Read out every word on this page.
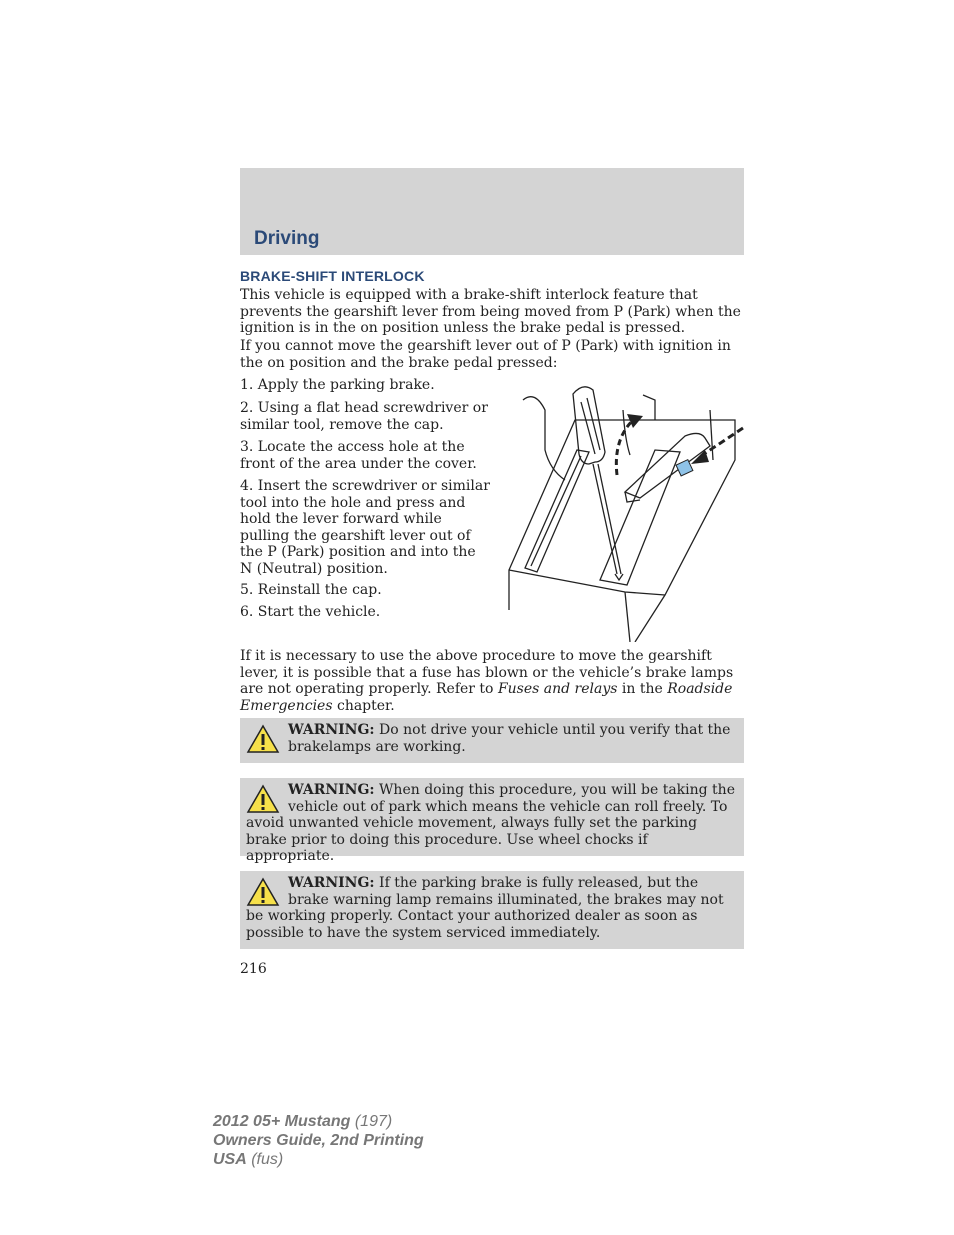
Driving
BRAKE-SHIFT INTERLOCK

This vehicle is equipped with a brake-shift interlock feature that prevents the gearshift lever from being moved from P (Park) when the ignition is in the on position unless the brake pedal is pressed.

If you cannot move the gearshift lever out of P (Park) with ignition in the on position and the brake pedal pressed:

1. Apply the parking brake.

2. Using a flat head screwdriver or similar tool, remove the cap.

3. Locate the access hole at the front of the area under the cover.

4. Insert the screwdriver or similar tool into the hole and press and hold the lever forward while pulling the gearshift lever out of the P (Park) position and into the N (Neutral) position.

5. Reinstall the cap.

6. Start the vehicle.

If it is necessary to use the above procedure to move the gearshift lever, it is possible that a fuse has blown or the vehicle’s brake lamps are not operating properly. Refer to Fuses and relays in the Roadside Emergencies chapter.

WARNING: Do not drive your vehicle until you verify that the brakelamps are working.

WARNING: When doing this procedure, you will be taking the vehicle out of park which means the vehicle can roll freely. To avoid unwanted vehicle movement, always fully set the parking brake prior to doing this procedure. Use wheel chocks if appropriate.

WARNING: If the parking brake is fully released, but the brake warning lamp remains illuminated, the brakes may not be working properly. Contact your authorized dealer as soon as possible to have the system serviced immediately.

216
2012 05+ Mustang (197)
Owners Guide, 2nd Printing
USA (fus)
